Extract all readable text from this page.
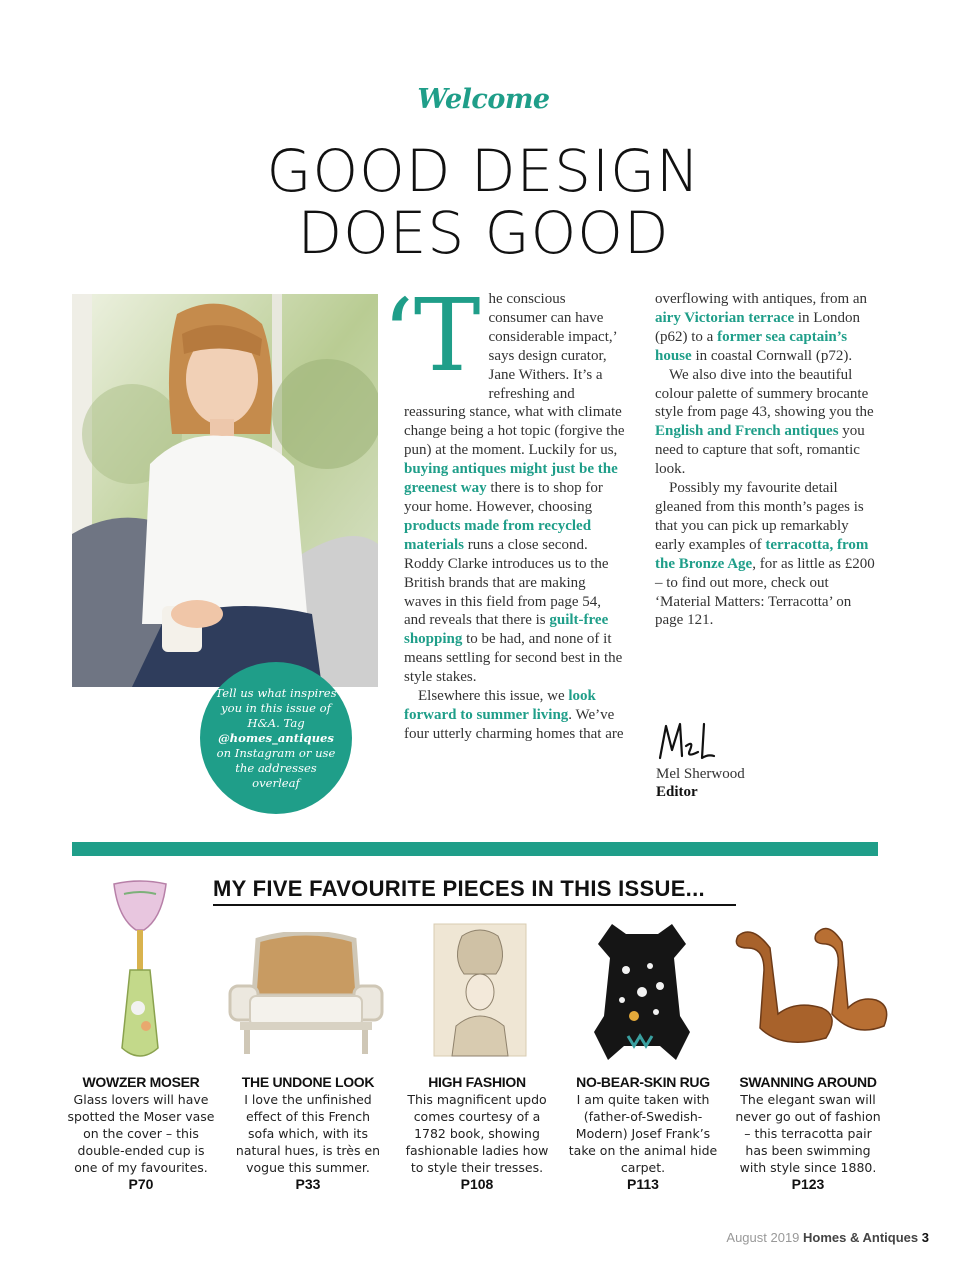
Welcome
GOOD DESIGN
DOES GOOD
Tell us what inspires you in this issue of H&A. Tag @homes_antiques on Instagram or use the addresses overleaf

‘T he conscious consumer can have considerable impact,’ says design curator, Jane Withers. It’s a refreshing and reassuring stance, what with climate change being a hot topic (forgive the pun) at the moment. Luckily for us, buying antiques might just be the greenest way there is to shop for your home. However, choosing products made from recycled materials runs a close second. Roddy Clarke introduces us to the British brands that are making waves in this field from page 54, and reveals that there is guilt-free shopping to be had, and none of it means settling for second best in the style stakes.

Elsewhere this issue, we look forward to summer living. We’ve four utterly charming homes that are

overflowing with antiques, from an airy Victorian terrace in London (p62) to a former sea captain’s house in coastal Cornwall (p72).

We also dive into the beautiful colour palette of summery brocante style from page 43, showing you the English and French antiques you need to capture that soft, romantic look.

Possibly my favourite detail gleaned from this month’s pages is that you can pick up remarkably early examples of terracotta, from the Bronze Age, for as little as £200 – to find out more, check out ‘Material Matters: Terracotta’ on page 121.

Mel Sherwood
Editor
MY FIVE FAVOURITE PIECES IN THIS ISSUE...
WOWZER MOSER
Glass lovers will have spotted the Moser vase on the cover – this double-ended cup is one of my favourites.
P70
THE UNDONE LOOK
I love the unfinished effect of this French sofa which, with its natural hues, is très en vogue this summer.
P33
HIGH FASHION
This magnificent updo comes courtesy of a 1782 book, showing fashionable ladies how to style their tresses.
P108
NO-BEAR-SKIN RUG
I am quite taken with (father-of-Swedish-Modern) Josef Frank’s take on the animal hide carpet.
P113
SWANNING AROUND
The elegant swan will never go out of fashion – this terracotta pair has been swimming with style since 1880.
P123
August 2019 Homes & Antiques 3
